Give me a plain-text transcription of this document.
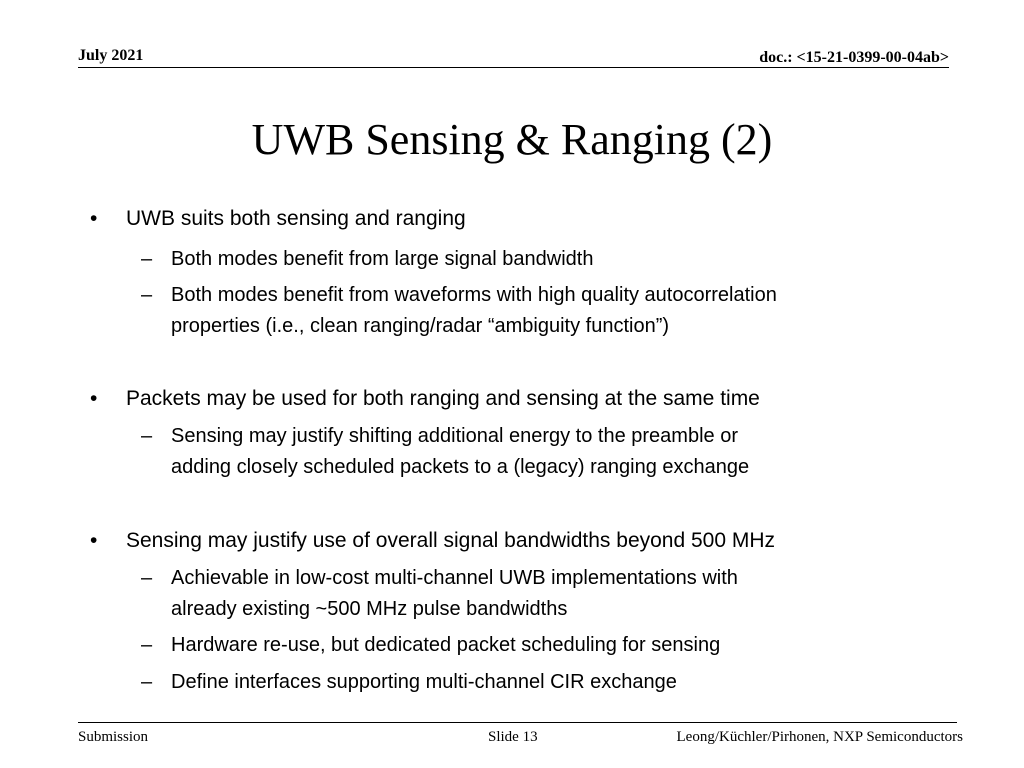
July 2021	doc.: <15-21-0399-00-04ab>
UWB Sensing & Ranging (2)
• UWB suits both sensing and ranging
– Both modes benefit from large signal bandwidth
– Both modes benefit from waveforms with high quality autocorrelation
properties (i.e., clean ranging/radar “ambiguity function”)
• Packets may be used for both ranging and sensing at the same time
– Sensing may justify shifting additional energy to the preamble or
adding closely scheduled packets to a (legacy) ranging exchange
• Sensing may justify use of overall signal bandwidths beyond 500 MHz
– Achievable in low-cost multi-channel UWB implementations with
already existing ~500 MHz pulse bandwidths
– Hardware re-use, but dedicated packet scheduling for sensing
– Define interfaces supporting multi-channel CIR exchange
Submission	Slide 13	Leong/Küchler/Pirhonen, NXP Semiconductors
